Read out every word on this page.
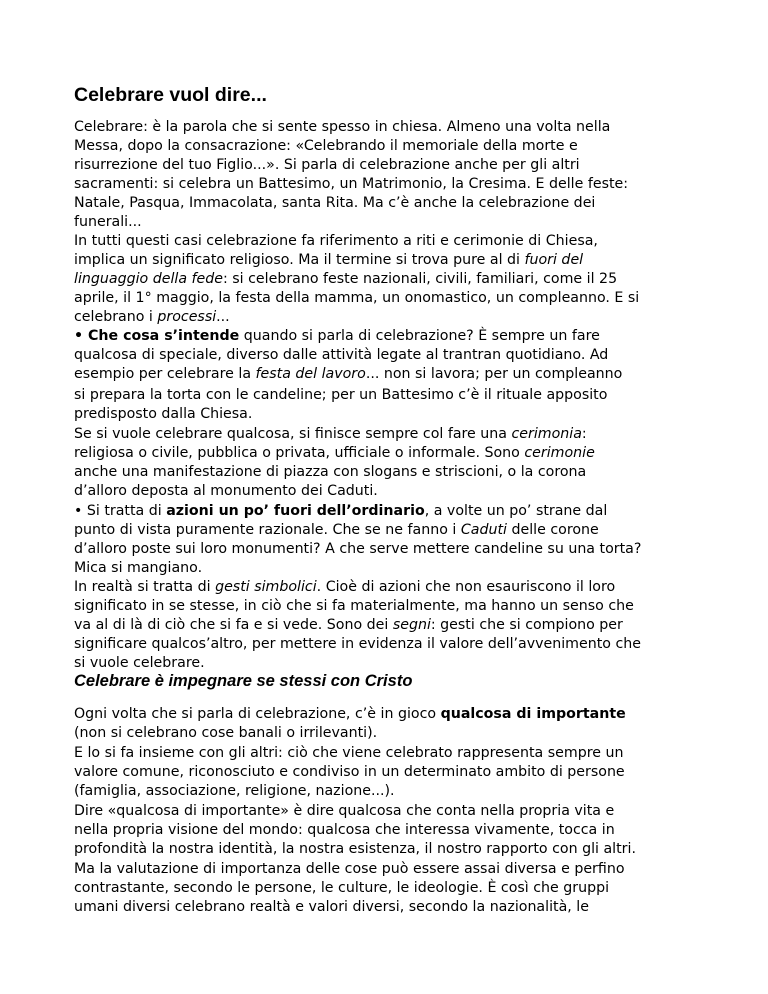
Celebrare vuol dire...
Celebrare: è la parola che si sente spesso in chiesa. Almeno una volta nella
Messa, dopo la consacrazione: «Celebrando il memoriale della morte e
risurrezione del tuo Figlio...». Si parla di celebrazione anche per gli altri
sacramenti: si celebra un Battesimo, un Matrimonio, la Cresima. E delle feste:
Natale, Pasqua, Immacolata, santa Rita. Ma c’è anche la celebrazione dei
funerali...
In tutti questi casi celebrazione fa riferimento a riti e cerimonie di Chiesa,
implica un significato religioso. Ma il termine si trova pure al di fuori del
linguaggio della fede: si celebrano feste nazionali, civili, familiari, come il 25
aprile, il 1° maggio, la festa della mamma, un onomastico, un compleanno. E si
celebrano i processi...
• Che cosa s’intende quando si parla di celebrazione? È sempre un fare
qualcosa di speciale, diverso dalle attività legate al trantran quotidiano. Ad
esempio per celebrare la festa del lavoro... non si lavora; per un compleanno
si prepara la torta con le candeline; per un Battesimo c’è il rituale apposito
predisposto dalla Chiesa.
Se si vuole celebrare qualcosa, si finisce sempre col fare una cerimonia:
religiosa o civile, pubblica o privata, ufficiale o informale. Sono cerimonie
anche una manifestazione di piazza con slogans e striscioni, o la corona
d’alloro deposta al monumento dei Caduti.
• Si tratta di azioni un po’ fuori dell’ordinario, a volte un po’ strane dal
punto di vista puramente razionale. Che se ne fanno i Caduti delle corone
d’alloro poste sui loro monumenti? A che serve mettere candeline su una torta?
Mica si mangiano.
In realtà si tratta di gesti simbolici. Cioè di azioni che non esauriscono il loro
significato in se stesse, in ciò che si fa materialmente, ma hanno un senso che
va al di là di ciò che si fa e si vede. Sono dei segni: gesti che si compiono per
significare qualcos’altro, per mettere in evidenza il valore dell’avvenimento che
si vuole celebrare.
Celebrare è impegnare se stessi con Cristo
Ogni volta che si parla di celebrazione, c’è in gioco qualcosa di importante
(non si celebrano cose banali o irrilevanti).
E lo si fa insieme con gli altri: ciò che viene celebrato rappresenta sempre un
valore comune, riconosciuto e condiviso in un determinato ambito di persone
(famiglia, associazione, religione, nazione...).
Dire «qualcosa di importante» è dire qualcosa che conta nella propria vita e
nella propria visione del mondo: qualcosa che interessa vivamente, tocca in
profondità la nostra identità, la nostra esistenza, il nostro rapporto con gli altri.
Ma la valutazione di importanza delle cose può essere assai diversa e perfino
contrastante, secondo le persone, le culture, le ideologie. È così che gruppi
umani diversi celebrano realtà e valori diversi, secondo la nazionalità, le
